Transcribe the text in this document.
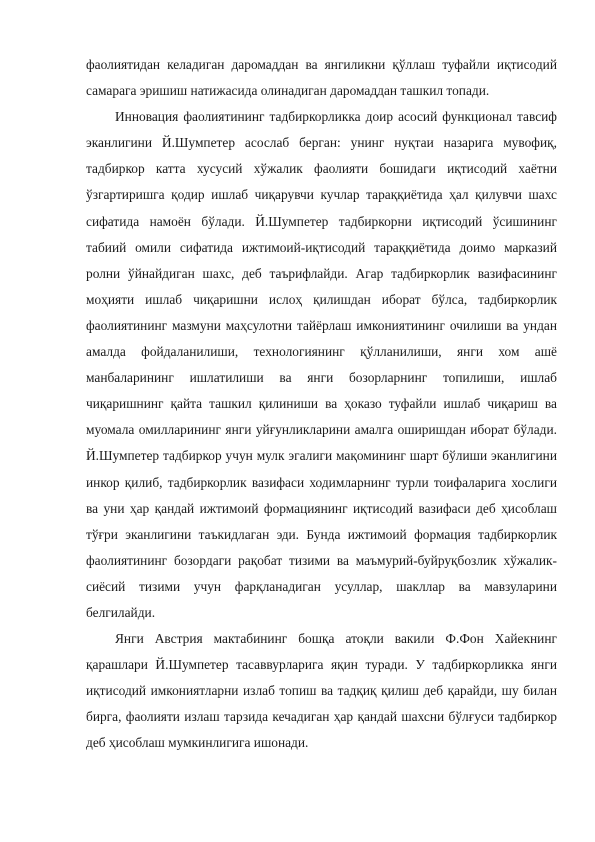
фаолиятидан келадиган даромаддан ва янгиликни қўллаш туфайли иқтисодий самарага эришиш натижасида олинадиган даромаддан ташкил топади.

Инновация фаолиятининг тадбиркорликка доир асосий функционал тавсиф эканлигини Й.Шумпетер асослаб берган: унинг нуқтаи назарига мувофиқ, тадбиркор катта хусусий хўжалик фаолияти бошидаги иқтисодий хаётни ўзгартиришга қодир ишлаб чиқарувчи кучлар тараққиётида ҳал қилувчи шахс сифатида намоён бўлади. Й.Шумпетер тадбиркорни иқтисодий ўсишининг табиий омили сифатида ижтимоий-иқтисодий тараққиётида доимо марказий ролни ўйнайдиган шахс, деб таърифлайди. Агар тадбиркорлик вазифасининг моҳияти ишлаб чиқаришни ислоҳ қилишдан иборат бўлса, тадбиркорлик фаолиятининг мазмуни маҳсулотни тайёрлаш имкониятининг очилиши ва ундан амалда фойдаланилиши, технологиянинг қўлланилиши, янги хом ашё манбаларининг ишлатилиши ва янги бозорларнинг топилиши, ишлаб чиқаришнинг қайта ташкил қилиниши ва ҳоказо туфайли ишлаб чиқариш ва муомала омилларининг янги уйғунликларини амалга оширишдан иборат бўлади. Й.Шумпетер тадбиркор учун мулк эгалиги мақомининг шарт бўлиши эканлигини инкор қилиб, тадбиркорлик вазифаси ходимларнинг турли тоифаларига хослиги ва уни ҳар қандай ижтимоий формациянинг иқтисодий вазифаси деб ҳисоблаш тўғри эканлигини таъкидлаган эди. Бунда ижтимоий формация тадбиркорлик фаолиятининг бозордаги рақобат тизими ва маъмурий-буйруқбозлик хўжалик-сиёсий тизими учун фарқланадиган усуллар, шакллар ва мавзуларини белгилайди.

Янги Австрия мактабининг бошқа атоқли вакили Ф.Фон Хайекнинг қарашлари Й.Шумпетер тасаввурларига яқин туради. У тадбиркорликка янги иқтисодий имкониятларни излаб топиш ва тадқиқ қилиш деб қарайди, шу билан бирга, фаолияти излаш тарзида кечадиган ҳар қандай шахсни бўлғуси тадбиркор деб ҳисоблаш мумкинлигига ишонади.
